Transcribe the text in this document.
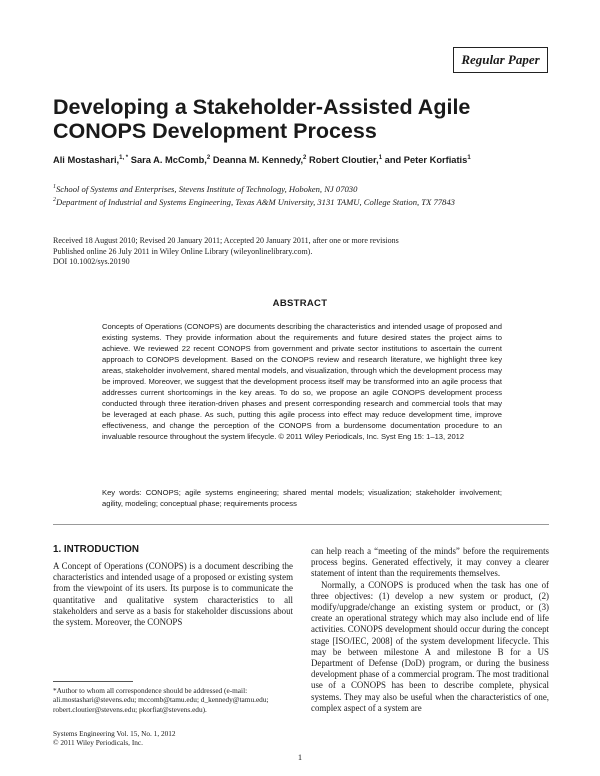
Regular Paper
Developing a Stakeholder-Assisted Agile CONOPS Development Process
Ali Mostashari,$^{1, *}$ Sara A. McComb,$^2$ Deanna M. Kennedy,$^2$ Robert Cloutier,$^1$ and Peter Korfiatis$^1$
$^1$School of Systems and Enterprises, Stevens Institute of Technology, Hoboken, NJ 07030
$^2$Department of Industrial and Systems Engineering, Texas A&M University, 3131 TAMU, College Station, TX 77843
Received 18 August 2010; Revised 20 January 2011; Accepted 20 January 2011, after one or more revisions
Published online 26 July 2011 in Wiley Online Library (wileyonlinelibrary.com).
DOI 10.1002/sys.20190
ABSTRACT
Concepts of Operations (CONOPS) are documents describing the characteristics and intended usage of proposed and existing systems. They provide information about the requirements and future desired states the project aims to achieve. We reviewed 22 recent CONOPS from government and private sector institutions to ascertain the current approach to CONOPS development. Based on the CONOPS review and research literature, we highlight three key areas, stakeholder involvement, shared mental models, and visualization, through which the development process may be improved. Moreover, we suggest that the development process itself may be transformed into an agile process that addresses current shortcomings in the key areas. To do so, we propose an agile CONOPS development process conducted through three iteration-driven phases and present corresponding research and commercial tools that may be leveraged at each phase. As such, putting this agile process into effect may reduce development time, improve effectiveness, and change the perception of the CONOPS from a burdensome documentation procedure to an invaluable resource throughout the system lifecycle. © 2011 Wiley Periodicals, Inc. Syst Eng 15: 1–13, 2012
Key words: CONOPS; agile systems engineering; shared mental models; visualization; stakeholder involvement; agility, modeling; conceptual phase; requirements process
1. INTRODUCTION

A Concept of Operations (CONOPS) is a document describing the characteristics and intended usage of a proposed or existing system from the viewpoint of its users. Its purpose is to communicate the quantitative and qualitative system characteristics to all stakeholders and serve as a basis for stakeholder discussions about the system. Moreover, the CONOPS

can help reach a “meeting of the minds” before the requirements process begins. Generated effectively, it may convey a clearer statement of intent than the requirements themselves.

Normally, a CONOPS is produced when the task has one of three objectives: (1) develop a new system or product, (2) modify/upgrade/change an existing system or product, or (3) create an operational strategy which may also include end of life activities. CONOPS development should occur during the concept stage [ISO/IEC, 2008] of the system development lifecycle. This may be between milestone A and milestone B for a US Department of Defense (DoD) program, or during the business development phase of a commercial program. The most traditional use of a CONOPS has been to describe complete, physical systems. They may also be useful when the characteristics of one, complex aspect of a system are

*Author to whom all correspondence should be addressed (e-mail: ali.mostashari@stevens.edu; mccomb@tamu.edu; d_kennedy@tamu.edu; robert.cloutier@stevens.edu; pkorfiat@stevens.edu).
Systems Engineering Vol. 15, No. 1, 2012
© 2011 Wiley Periodicals, Inc.
1
